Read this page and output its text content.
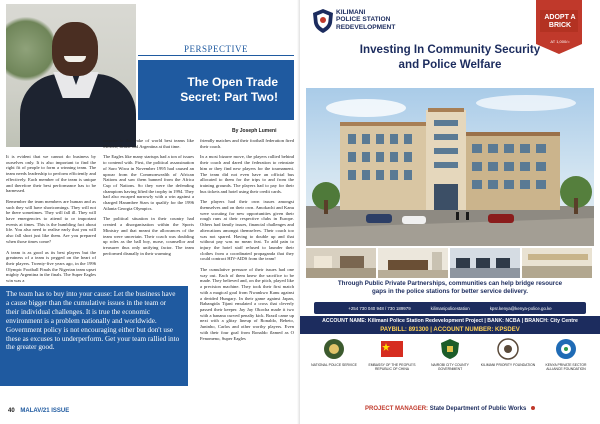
PERSPECTIVE
The Open Trade
Secret: Part Two!
By Joseph Lumeni

It is evident that we cannot do business by ourselves only. It is also important to find the right fit of people to form a winning team. The team needs leadership to perform efficiently and effectively. Each member of the team is unique and therefore their best performance has to be harnessed.

Remember the team members are human and as such they will have shortcomings. They will not be there sometimes. They will fall ill. They will have emergencies to attend to or important events at times. This is the humbling fact about life. You also need to realise early that you will also fall short just like them. Are you prepared when those times come?

A team is as good as its best players but the greatness of a team is pegged on the heart of their players. Twenty-five years ago, in the 1996 Olympic Football Finals the Nigerian team upset mighty Argentina in the finals. The Super Eagles win was a

surprise in the wake of world best teams like Mexico, Brazil and Argentina at that time.

The Eagles like many startups had a ton of issues to contend with. First, the political assassination of Saro Wiwa in November 1995 had caused an uproar from the Commonwealth of African Nations and saw them banned from the Africa Cup of Nations. So they were the defending champions having lifted the trophy in 1994. They had also escaped narrowly with a win against a charged Harambee Stars to qualify for the 1996 Atlanta Georgia Olympics.

The political situation in their country had created a disorganisation within the Sports Ministry and that meant the allowances of the team were uncertain. Their coach was doubling up roles as the ball boy, nurse, counsellor and treasurer thus only unifying factor. The team performed dismally in their warming

friendly matches and their football federation fired their coach.

In a most bizarre move, the players rallied behind their coach and dared the federation to reinstate him or they find new players for the tournament. The team did not even have an official bus allocated to them for the trips to and from the training grounds. The players had to pay for their bus tickets and hotel using their credit cards.

The players had their own issues amongst themselves and on their own. Amokachi and Kanu were scouting for new opportunities given their rough runs at their respective clubs in Europe. Others had family issues, financial challenges and altercations amongst themselves. Their coach too was not spared. Having to double up and that without pay was no mean feat. To add pain to injury the hotel staff refused to launder their clothes from a coordinated propaganda that they could contract HIV-AIDS from the team!

The cumulative pressure of their issues had one way out. Each of them knew the sacrifice to be made. They believed and, on the pitch, played like a precision machine. They took their first match with a magical goal from Nwankwo Kanu against a derided Hungary. In their game against Japan, Babangida Tijani emulated a cross that cleverly passed their keeper. Jay Jay Okocha made it two with a banana curved penalty kick. Brazil came up next with a glitzy lineup of Ronaldo, Bebeto, Juninho, Carlos and other worthy players. Even with their four goal from Ronaldo flamed as O Fenomeno, Super Eagles

The team has to buy into your cause: Let the business have a cause bigger than the cumulative issues in the team or their individual challenges. It is true the economic environment is a problem nationally and worldwide. Government policy is not encouraging either but don't use these as excuses to underperform. Get your team rallied into the greater good.
40 MALAV/21 ISSUE
KILIMANI
POLICE STATION
REDEVELOPMENT
ADOPT A
BRICK
AT 1,000/=
Investing In Community Security
and Police Welfare
Through Public Private Partnerships, communities can help bridge resource
gaps in the police stations for better service delivery.
+254 730 040 948 / 730 189979	kilimanipolicestation	kpsr.kenya@kenya-police.go.ke
ACCOUNT NAME: Kilimani Police Station Redevelopment Project | BANK: NCBA | BRANCH: City Centre
PAYBILL: 891300 | ACCOUNT NUMBER: KPSDEV
NATIONAL POLICE SERVICE	EMBASSY OF THE PEOPLE'S REPUBLIC OF CHINA
NAIROBI CITY COUNTY GOVERNMENT
KILIMANI PRIORITY FOUNDATION	KENYA PRIVATE SECTOR ALLIANCE FOUNDATION
PROJECT MANAGER: State Department of Public Works
